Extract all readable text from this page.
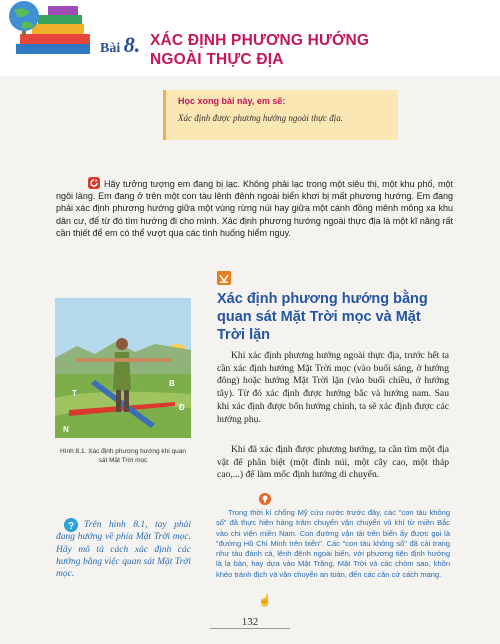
Bài 8. XÁC ĐỊNH PHƯƠNG HƯỚNG
NGOÀI THỰC ĐỊA
Học xong bài này, em sẽ:
Xác định được phương hướng ngoài thực địa.
Hãy tưởng tượng em đang bị lạc. Không phải lạc trong một siêu thị, một khu phố, một ngôi làng. Em đang ở trên một con tàu lênh đênh ngoài biển khơi bị mất phương hướng. Em đang phải xác định phương hướng giữa một vùng rừng núi hay giữa một cánh đồng mênh mông xa khu dân cư, để từ đó tìm hướng đi cho mình. Xác định phương hướng ngoài thực địa là một kĩ năng rất cần thiết để em có thể vượt qua các tình huống hiểm nguy.
Xác định phương hướng bằng quan sát Mặt Trời mọc và Mặt Trời lặn
T
B
Đ
N
Hình 8.1. Xác định phương hướng khi quan sát Mặt Trời mọc
Trên hình 8.1, tay phải đang hướng về phía Mặt Trời mọc. Hãy mô tả cách xác định các hướng bằng việc quan sát Mặt Trời mọc.
?
Khi xác định phương hướng ngoài thực địa, trước hết ta cần xác định hướng Mặt Trời mọc (vào buổi sáng, ở hướng đông) hoặc hướng Mặt Trời lặn (vào buổi chiều, ở hướng tây). Từ đó xác định được hướng bắc và hướng nam. Sau khi xác định được bốn hướng chính, ta sẽ xác định được các hướng phụ.
Khi đã xác định được phương hướng, ta cần tìm một địa vật để phân biệt (một đỉnh núi, một cây cao, một tháp cao,...) để làm mốc định hướng di chuyển.
Trong thời kì chống Mỹ cứu nước trước đây, các "con tàu không số" đã thực hiện hàng trăm chuyến vận chuyển vũ khí từ miền Bắc vào chi viện miền Nam. Con đường vận tải trên biển ấy được gọi là "đường Hồ Chí Minh trên biển". Các "con tàu không số" đã cải trang như tàu đánh cá, lênh đênh ngoài biển, với phương tiện định hướng là la bàn, hay dựa vào Mặt Trăng, Mặt Trời và các chòm sao, khôn khéo tránh địch và vận chuyển an toàn, đến các căn cứ cách mạng.
☝
132
